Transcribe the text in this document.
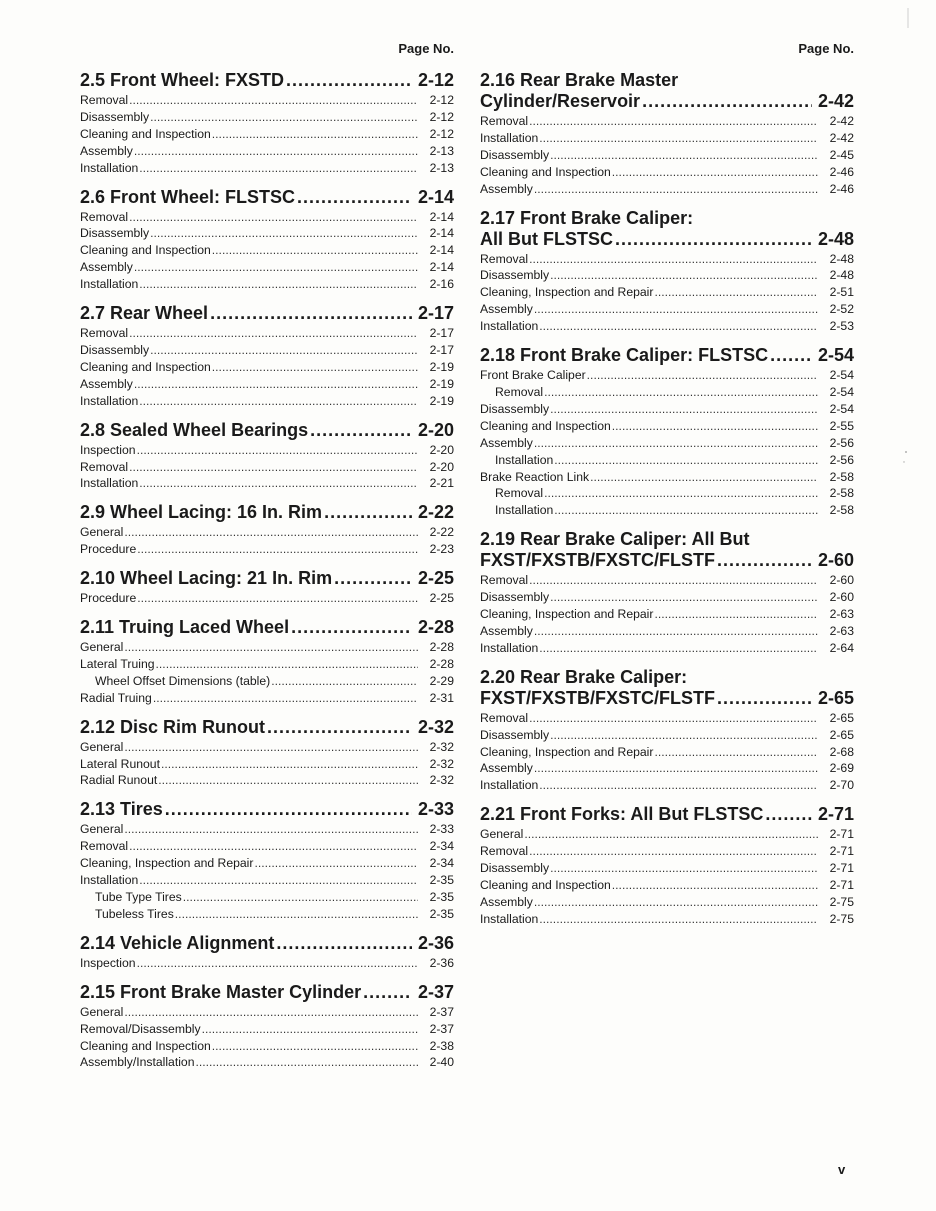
Page No.
2.5 Front Wheel: FXSTD .....	2-12
Removal .....	2-12
Disassembly .....	2-12
Cleaning and Inspection .....	2-12
Assembly .....	2-13
Installation .....	2-13
2.6 Front Wheel: FLSTSC .....	2-14
Removal .....	2-14
Disassembly .....	2-14
Cleaning and Inspection .....	2-14
Assembly .....	2-14
Installation .....	2-16
2.7 Rear Wheel .....	2-17
Removal .....	2-17
Disassembly .....	2-17
Cleaning and Inspection .....	2-19
Assembly .....	2-19
Installation .....	2-19
2.8 Sealed Wheel Bearings .....	2-20
Inspection .....	2-20
Removal .....	2-20
Installation .....	2-21
2.9 Wheel Lacing: 16 In. Rim .....	2-22
General .....	2-22
Procedure .....	2-23
2.10 Wheel Lacing: 21 In. Rim .....	2-25
Procedure .....	2-25
2.11 Truing Laced Wheel .....	2-28
General .....	2-28
Lateral Truing .....	2-28
Wheel Offset Dimensions (table) .....	2-29
Radial Truing .....	2-31
2.12 Disc Rim Runout .....	2-32
General .....	2-32
Lateral Runout .....	2-32
Radial Runout .....	2-32
2.13 Tires .....	2-33
General .....	2-33
Removal .....	2-34
Cleaning, Inspection and Repair .....	2-34
Installation .....	2-35
Tube Type Tires .....	2-35
Tubeless Tires .....	2-35
2.14 Vehicle Alignment .....	2-36
Inspection .....	2-36
2.15 Front Brake Master Cylinder .....	2-37
General .....	2-37
Removal/Disassembly .....	2-37
Cleaning and Inspection .....	2-38
Assembly/Installation .....	2-40
Page No.
2.16 Rear Brake Master
Cylinder/Reservoir .....	2-42
Removal .....	2-42
Installation .....	2-42
Disassembly .....	2-45
Cleaning and Inspection .....	2-46
Assembly .....	2-46
2.17 Front Brake Caliper:
All But FLSTSC .....	2-48
Removal .....	2-48
Disassembly .....	2-48
Cleaning, Inspection and Repair .....	2-51
Assembly .....	2-52
Installation .....	2-53
2.18 Front Brake Caliper: FLSTSC .....	2-54
Front Brake Caliper .....	2-54
Removal .....	2-54
Disassembly .....	2-54
Cleaning and Inspection .....	2-55
Assembly .....	2-56
Installation .....	2-56
Brake Reaction Link .....	2-58
Removal .....	2-58
Installation .....	2-58
2.19 Rear Brake Caliper: All But
FXST/FXSTB/FXSTC/FLSTF .....	2-60
Removal .....	2-60
Disassembly .....	2-60
Cleaning, Inspection and Repair .....	2-63
Assembly .....	2-63
Installation .....	2-64
2.20 Rear Brake Caliper:
FXST/FXSTB/FXSTC/FLSTF .....	2-65
Removal .....	2-65
Disassembly .....	2-65
Cleaning, Inspection and Repair .....	2-68
Assembly .....	2-69
Installation .....	2-70
2.21 Front Forks: All But FLSTSC .....	2-71
General .....	2-71
Removal .....	2-71
Disassembly .....	2-71
Cleaning and Inspection .....	2-71
Assembly .....	2-75
Installation .....	2-75
v
